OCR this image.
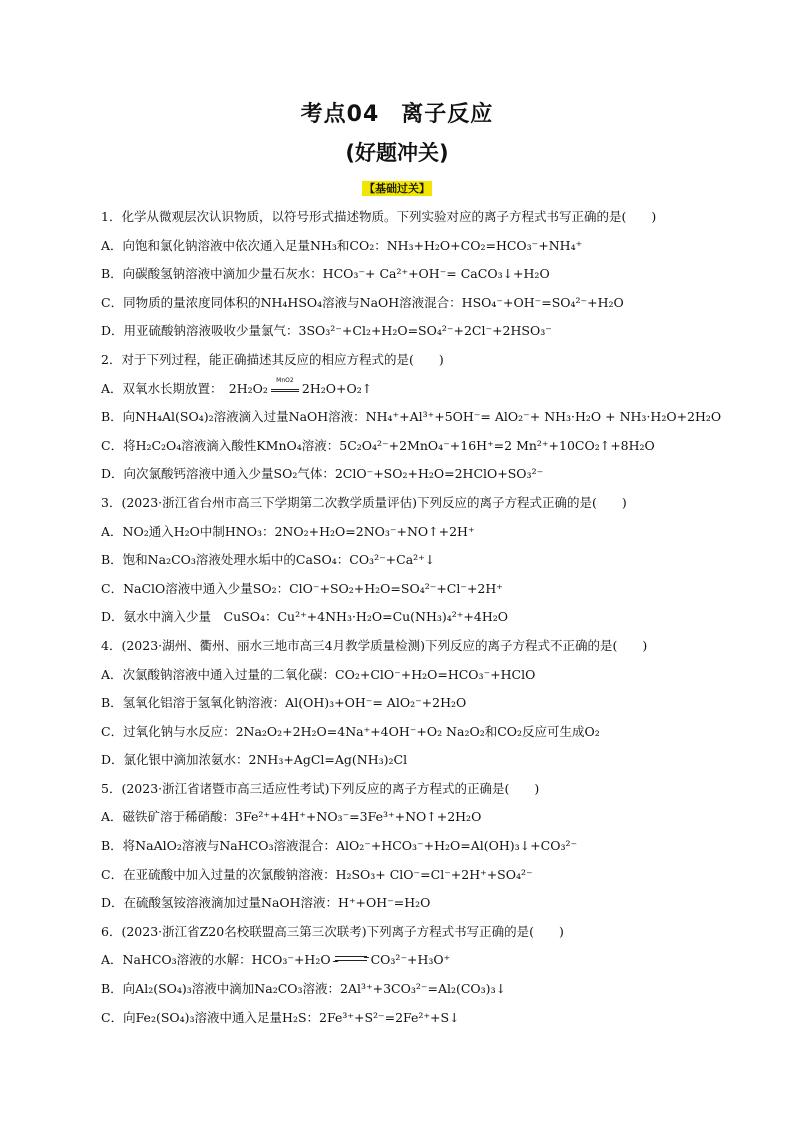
考点04 离子反应
(好题冲关)
【基础过关】
1．化学从微观层次认识物质，以符号形式描述物质。下列实验对应的离子方程式书写正确的是(　　)
A．向饱和氯化钠溶液中依次通入足量NH₃和CO₂：NH₃+H₂O+CO₂=HCO₃⁻+NH₄⁺
B．向碳酸氢钠溶液中滴加少量石灰水：HCO₃⁻+ Ca²⁺+OH⁻= CaCO₃↓+H₂O
C．同物质的量浓度同体积的NH₄HSO₄溶液与NaOH溶液混合：HSO₄⁻+OH⁻=SO₄²⁻+H₂O
D．用亚硫酸钠溶液吸收少量氯气：3SO₃²⁻+Cl₂+H₂O=SO₄²⁻+2Cl⁻+2HSO₃⁻
2．对于下列过程，能正确描述其反应的相应方程式的是(　　)
A．双氧水长期放置：　2H₂O₂
MnO2
2H₂O+O₂↑
B．向NH₄Al(SO₄)₂溶液滴入过量NaOH溶液：NH₄⁺+Al³⁺+5OH⁻= AlO₂⁻+ NH₃·H₂O + NH₃·H₂O+2H₂O
C．将H₂C₂O₄溶液滴入酸性KMnO₄溶液：5C₂O₄²⁻+2MnO₄⁻+16H⁺=2 Mn²⁺+10CO₂↑+8H₂O
D．向次氯酸钙溶液中通入少量SO₂气体：2ClO⁻+SO₂+H₂O=2HClO+SO₃²⁻
3．(2023·浙江省台州市高三下学期第二次教学质量评估)下列反应的离子方程式正确的是(　　)
A．NO₂通入H₂O中制HNO₃：2NO₂+H₂O=2NO₃⁻+NO↑+2H⁺
B．饱和Na₂CO₃溶液处理水垢中的CaSO₄：CO₃²⁻+Ca²⁺↓
C．NaClO溶液中通入少量SO₂：ClO⁻+SO₂+H₂O=SO₄²⁻+Cl⁻+2H⁺
D．氨水中滴入少量　CuSO₄：Cu²⁺+4NH₃·H₂O=Cu(NH₃)₄²⁺+4H₂O
4．(2023·湖州、衢州、丽水三地市高三4月教学质量检测)下列反应的离子方程式不正确的是(　　)
A．次氯酸钠溶液中通入过量的二氧化碳：CO₂+ClO⁻+H₂O=HCO₃⁻+HClO
B．氢氧化铝溶于氢氧化钠溶液：Al(OH)₃+OH⁻= AlO₂⁻+2H₂O
C．过氧化钠与水反应：2Na₂O₂+2H₂O=4Na⁺+4OH⁻+O₂ Na₂O₂和CO₂反应可生成O₂
D．氯化银中滴加浓氨水：2NH₃+AgCl=Ag(NH₃)₂Cl
5．(2023·浙江省诸暨市高三适应性考试)下列反应的离子方程式的正确是(　　)
A．磁铁矿溶于稀硝酸：3Fe²⁺+4H⁺+NO₃⁻=3Fe³⁺+NO↑+2H₂O
B．将NaAlO₂溶液与NaHCO₃溶液混合：AlO₂⁻+HCO₃⁻+H₂O=Al(OH)₃↓+CO₃²⁻
C．在亚硫酸中加入过量的次氯酸钠溶液：H₂SO₃+ ClO⁻=Cl⁻+2H⁺+SO₄²⁻
D．在硫酸氢铵溶液滴加过量NaOH溶液：H⁺+OH⁻=H₂O
6．(2023·浙江省Z20名校联盟高三第三次联考)下列离子方程式书写正确的是(　　)
A．NaHCO₃溶液的水解：HCO₃⁻+H₂O	CO₃²⁻+H₃O⁺
B．向Al₂(SO₄)₃溶液中滴加Na₂CO₃溶液：2Al³⁺+3CO₃²⁻=Al₂(CO₃)₃↓
C．向Fe₂(SO₄)₃溶液中通入足量H₂S：2Fe³⁺+S²⁻=2Fe²⁺+S↓
